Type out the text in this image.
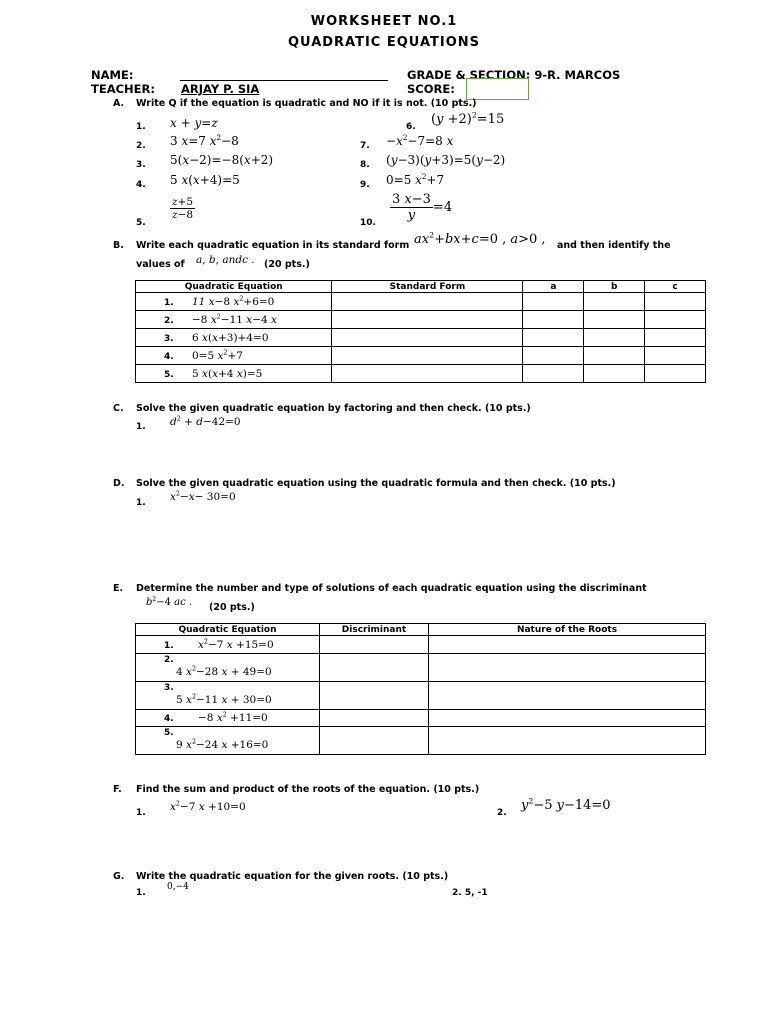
WORKSHEET NO.1
QUADRATIC EQUATIONS
NAME:	GRADE & SECTION: 9-R. MARCOS
TEACHER: ARJAY P. SIA	SCORE:
A. Write Q if the equation is quadratic and NO if it is not. (10 pts.)
1. x + y=z
2. 3 x=7 $x^2-8$
3. 5(x−2)=−8(x+2)
4. 5 x(x+4)=5
5.
$\frac{z+5}{z-8}$
6. $(y +2)^2=15$
7. $-x^2-7=8$ x
8. (y−3)(y+3)=5(y−2)
9. 0=5 $x^2+7$
10. $\frac{3 x-3}{y} =4$
B. Write each quadratic equation in its standard form $ax^2+bx+c=0$ , a>0 , and then identify the
values of a, b, andc . (20 pts.)
Quadratic Equation	Standard Form	a	b	c
1. 11 x−8 $x^2+6=0$				
2. −8 $x^2-11$ x−4 x				
3. 6 x(x+3)+4=0				
4. 0=5 $x^2+7$				
5. 5 x(x+4 x)=5				
C. Solve the given quadratic equation by factoring and then check. (10 pts.)
1. $d^2 + d-42=0$
D. Solve the given quadratic equation using the quadratic formula and then check. (10 pts.)
1. $x^2-x- 30=0$
E. Determine the number and type of solutions of each quadratic equation using the discriminant
$b^2-4$ ac . (20 pts.)
Quadratic Equation	Discriminant	Nature of the Roots
1. $x^2-7$ x +15=0		

2.
4 $x^2-28$ x + 49=0		

3.
5 $x^2-11$ x + 30=0		

4. −8 $x^2 +11=0$		

5.
9 $x^2-24$ x +16=0		

F. Find the sum and product of the roots of the equation. (10 pts.)
1. $x^2-7$ x +10=0	2. $y^2-5$ y−14=0
G. Write the quadratic equation for the given roots. (10 pts.)
1.
0,−4
2. 5, -1
